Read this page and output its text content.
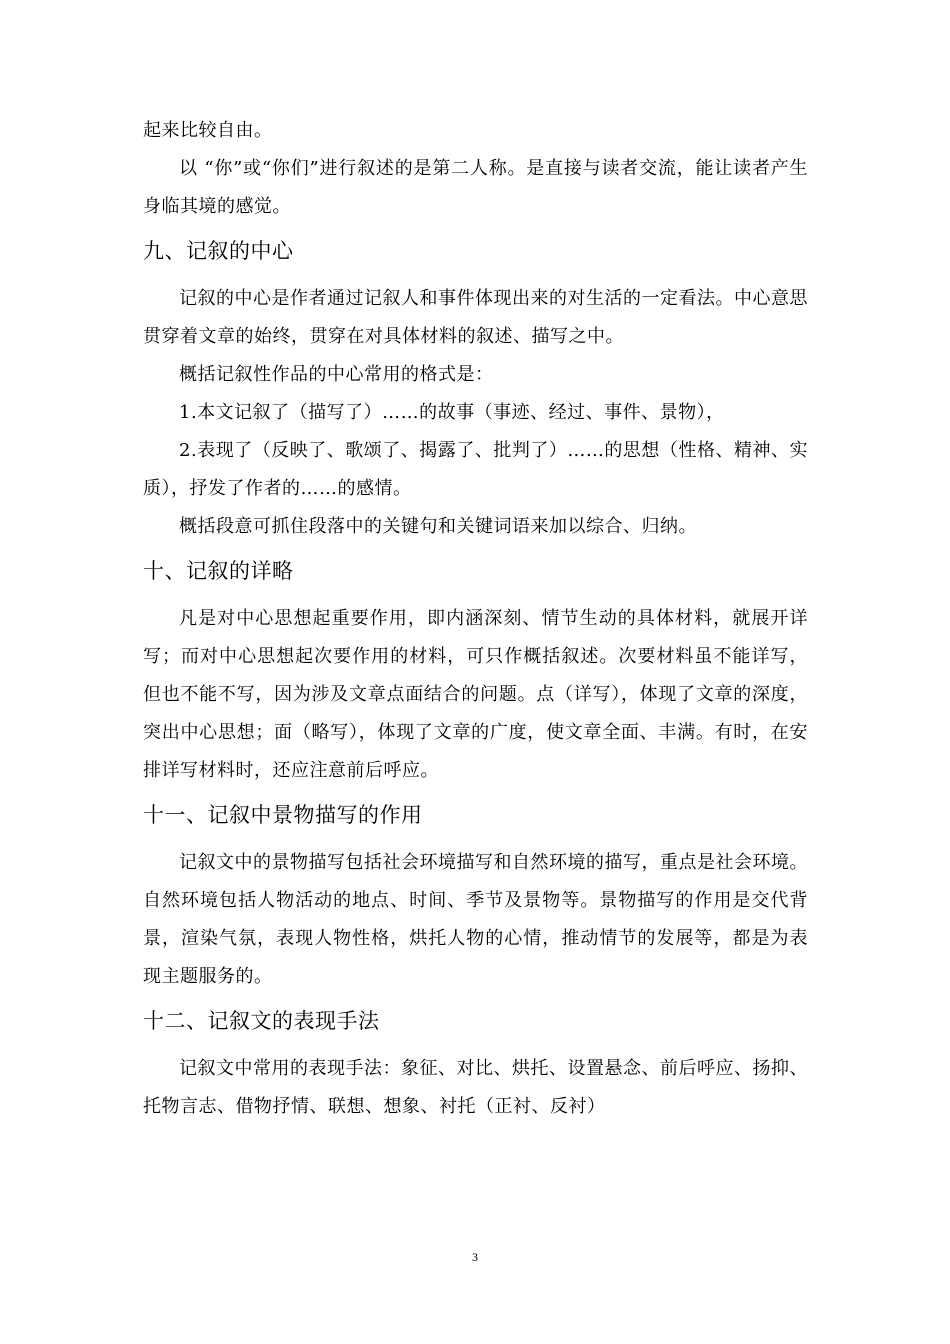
起来比较自由。

以 “你”或“你们”进行叙述的是第二人称。是直接与读者交流，能让读者产生身临其境的感觉。

九、记叙的中心

记叙的中心是作者通过记叙人和事件体现出来的对生活的一定看法。中心意思贯穿着文章的始终，贯穿在对具体材料的叙述、描写之中。

概括记叙性作品的中心常用的格式是：

1.本文记叙了（描写了）……的故事（事迹、经过、事件、景物），

2.表现了（反映了、歌颂了、揭露了、批判了）……的思想（性格、精神、实质），抒发了作者的……的感情。

概括段意可抓住段落中的关键句和关键词语来加以综合、归纳。

十、记叙的详略

凡是对中心思想起重要作用，即内涵深刻、情节生动的具体材料，就展开详写；而对中心思想起次要作用的材料，可只作概括叙述。次要材料虽不能详写，但也不能不写，因为涉及文章点面结合的问题。点（详写），体现了文章的深度，突出中心思想；面（略写），体现了文章的广度，使文章全面、丰满。有时，在安排详写材料时，还应注意前后呼应。

十一、记叙中景物描写的作用

记叙文中的景物描写包括社会环境描写和自然环境的描写，重点是社会环境。自然环境包括人物活动的地点、时间、季节及景物等。景物描写的作用是交代背景，渲染气氛，表现人物性格，烘托人物的心情，推动情节的发展等，都是为表现主题服务的。

十二、记叙文的表现手法

记叙文中常用的表现手法：象征、对比、烘托、设置悬念、前后呼应、扬抑、托物言志、借物抒情、联想、想象、衬托（正衬、反衬）

3
